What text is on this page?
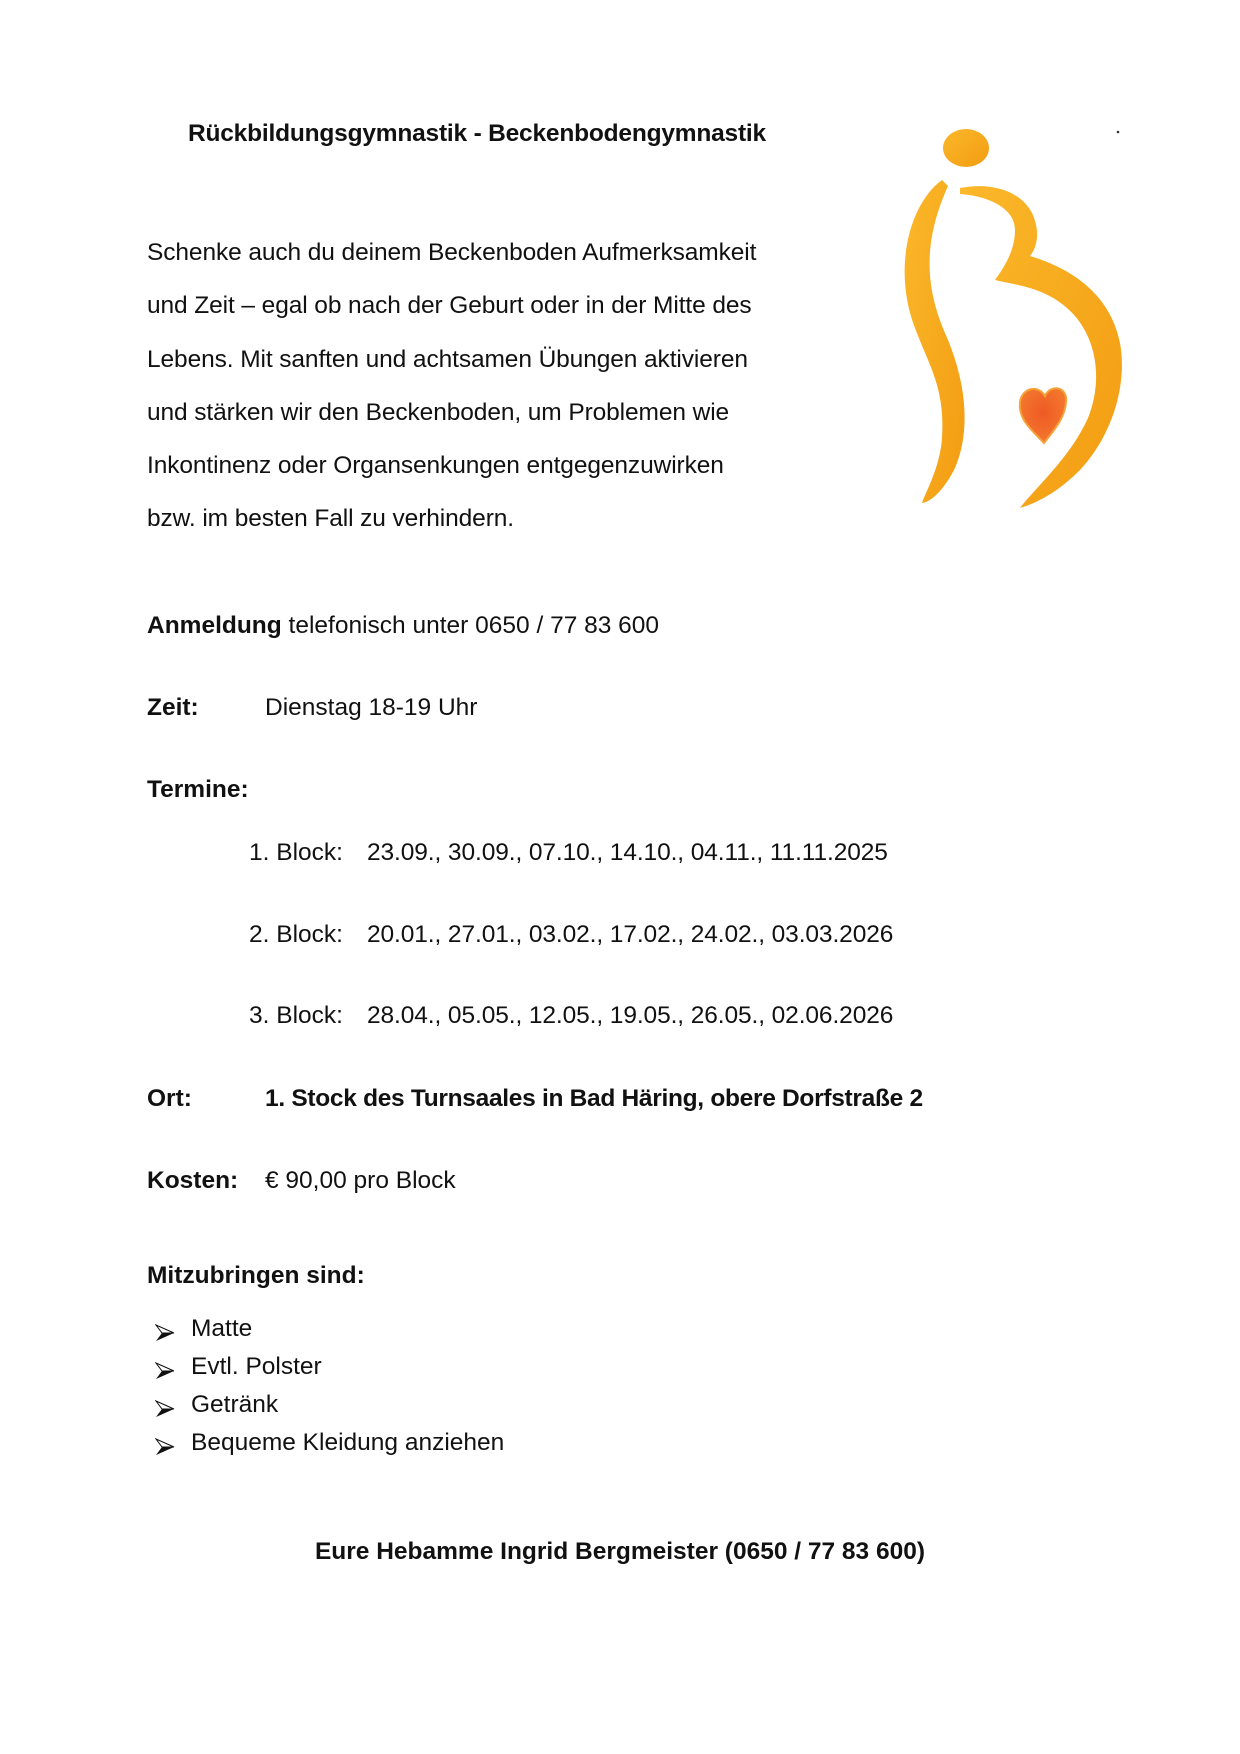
Rückbildungsgymnastik - Beckenbodengymnastik
Schenke auch du deinem Beckenboden Aufmerksamkeit
und Zeit – egal ob nach der Geburt oder in der Mitte des
Lebens. Mit sanften und achtsamen Übungen aktivieren
und stärken wir den Beckenboden, um Problemen wie
Inkontinenz oder Organsenkungen entgegenzuwirken
bzw. im besten Fall zu verhindern.
Anmeldung telefonisch unter 0650 / 77 83 600
Zeit:	Dienstag 18-19 Uhr
Termine:
1. Block: 23.09., 30.09., 07.10., 14.10., 04.11., 11.11.2025
2. Block: 20.01., 27.01., 03.02., 17.02., 24.02., 03.03.2026
3. Block: 28.04., 05.05., 12.05., 19.05., 26.05., 02.06.2026
Ort:	1. Stock des Turnsaales in Bad Häring, obere Dorfstraße 2
Kosten: € 90,00 pro Block
Mitzubringen sind:
Matte
Evtl. Polster
Getränk
Bequeme Kleidung anziehen
Eure Hebamme Ingrid Bergmeister (0650 / 77 83 600)
